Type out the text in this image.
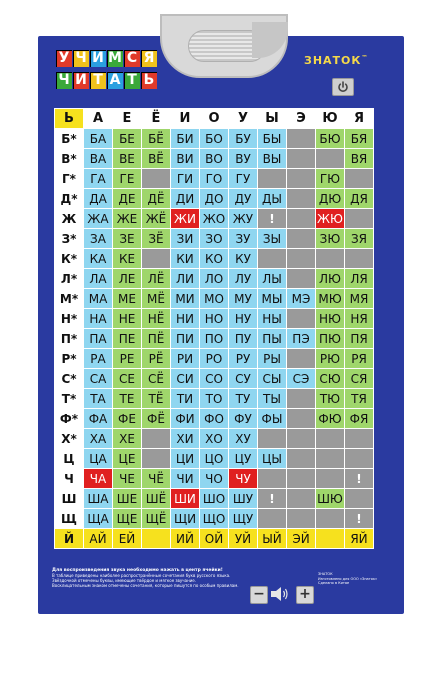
У Ч И М С Я
Ч И Т А Т Ь
ЗНАТОК™
Ь	А	Е	Ё	И	О	У	Ы	Э	Ю	Я
Б*	БА	БЕ	БЁ	БИ	БО	БУ	БЫ		БЮ	БЯ
В*	ВА	ВЕ	ВЁ	ВИ	ВО	ВУ	ВЫ			ВЯ
Г*	ГА	ГЕ		ГИ	ГО	ГУ			ГЮ	
Д*	ДА	ДЕ	ДЁ	ДИ	ДО	ДУ	ДЫ		ДЮ	ДЯ
Ж	ЖА	ЖЕ	ЖЁ	ЖИ	ЖО	ЖУ	!		ЖЮ	
З*	ЗА	ЗЕ	ЗЁ	ЗИ	ЗО	ЗУ	ЗЫ		ЗЮ	ЗЯ
К*	КА	КЕ		КИ	КО	КУ				
Л*	ЛА	ЛЕ	ЛЁ	ЛИ	ЛО	ЛУ	ЛЫ		ЛЮ	ЛЯ
М*	МА	МЕ	МЁ	МИ	МО	МУ	МЫ	МЭ	МЮ	МЯ
Н*	НА	НЕ	НЁ	НИ	НО	НУ	НЫ		НЮ	НЯ
П*	ПА	ПЕ	ПЁ	ПИ	ПО	ПУ	ПЫ	ПЭ	ПЮ	ПЯ
Р*	РА	РЕ	РЁ	РИ	РО	РУ	РЫ		РЮ	РЯ
С*	СА	СЕ	СЁ	СИ	СО	СУ	СЫ	СЭ	СЮ	СЯ
Т*	ТА	ТЕ	ТЁ	ТИ	ТО	ТУ	ТЫ		ТЮ	ТЯ
Ф*	ФА	ФЕ	ФЁ	ФИ	ФО	ФУ	ФЫ		ФЮ	ФЯ
Х*	ХА	ХЕ		ХИ	ХО	ХУ				
Ц	ЦА	ЦЕ		ЦИ	ЦО	ЦУ	ЦЫ			
Ч	ЧА	ЧЕ	ЧЁ	ЧИ	ЧО	ЧУ				!
Ш	ША	ШЕ	ШЁ	ШИ	ШО	ШУ	!		ШЮ	
Щ	ЩА	ЩЕ	ЩЁ	ЩИ	ЩО	ЩУ				!
Й	АЙ	ЕЙ		ИЙ	ОЙ	УЙ	ЫЙ	ЭЙ		ЯЙ
Для воспроизведения звука необходимо нажать в центр ячейки!
В таблице приведены наиболее распространённые сочетания букв русского языка.
Звёздочкой отмечены буквы, имеющие твёрдое и мягкое звучание.
Восклицательным знаком отмечены сочетания, которые пишутся по особым правилам.
− +
ЗНАТОК
Изготовлено для ООО «Знаток»
Сделано в Китае
